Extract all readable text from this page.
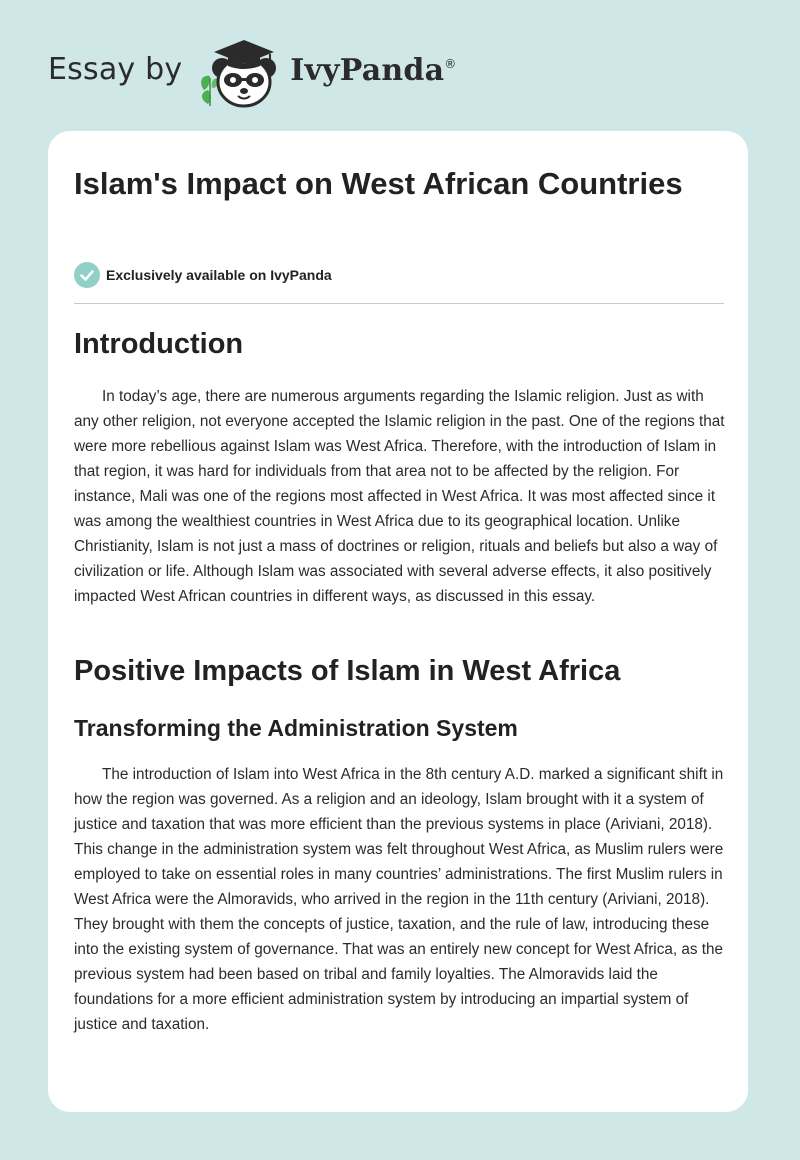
Essay by	IvyPanda ®
Islam's Impact on West African Countries
Exclusively available on IvyPanda
Introduction

In today’s age, there are numerous arguments regarding the Islamic religion. Just as with any other religion, not everyone accepted the Islamic religion in the past. One of the regions that were more rebellious against Islam was West Africa. Therefore, with the introduction of Islam in that region, it was hard for individuals from that area not to be affected by the religion. For instance, Mali was one of the regions most affected in West Africa. It was most affected since it was among the wealthiest countries in West Africa due to its geographical location. Unlike Christianity, Islam is not just a mass of doctrines or religion, rituals and beliefs but also a way of civilization or life. Although Islam was associated with several adverse effects, it also positively impacted West African countries in different ways, as discussed in this essay.

Positive Impacts of Islam in West Africa
Transforming the Administration System

The introduction of Islam into West Africa in the 8th century A.D. marked a significant shift in how the region was governed. As a religion and an ideology, Islam brought with it a system of justice and taxation that was more efficient than the previous systems in place (Ariviani, 2018). This change in the administration system was felt throughout West Africa, as Muslim rulers were employed to take on essential roles in many countries’ administrations. The first Muslim rulers in West Africa were the Almoravids, who arrived in the region in the 11th century (Ariviani, 2018). They brought with them the concepts of justice, taxation, and the rule of law, introducing these into the existing system of governance. That was an entirely new concept for West Africa, as the previous system had been based on tribal and family loyalties. The Almoravids laid the foundations for a more efficient administration system by introducing an impartial system of justice and taxation.
